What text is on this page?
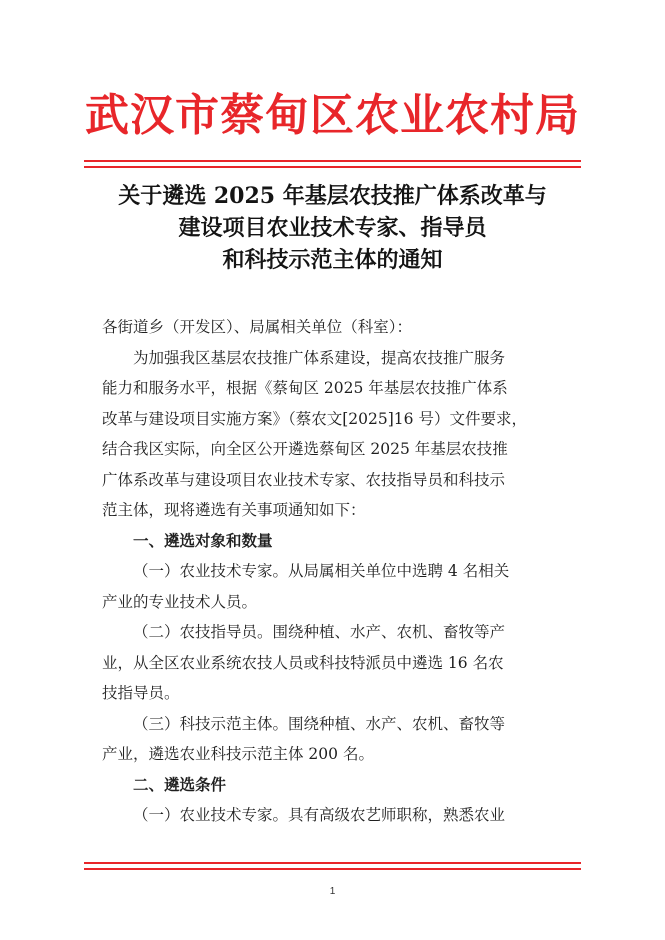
武汉市蔡甸区农业农村局
关于遴选 2025 年基层农技推广体系改革与
建设项目农业技术专家、指导员
和科技示范主体的通知
各街道乡（开发区）、局属相关单位（科室）：
为加强我区基层农技推广体系建设，提高农技推广服务
能力和服务水平，根据《蔡甸区 2025 年基层农技推广体系
改革与建设项目实施方案》（蔡农文[2025]16 号）文件要求，
结合我区实际，向全区公开遴选蔡甸区 2025 年基层农技推
广体系改革与建设项目农业技术专家、农技指导员和科技示
范主体，现将遴选有关事项通知如下：
一、遴选对象和数量
（一）农业技术专家。从局属相关单位中选聘 4 名相关
产业的专业技术人员。
（二）农技指导员。围绕种植、水产、农机、畜牧等产
业，从全区农业系统农技人员或科技特派员中遴选 16 名农
技指导员。
（三）科技示范主体。围绕种植、水产、农机、畜牧等
产业，遴选农业科技示范主体 200 名。
二、遴选条件
（一）农业技术专家。具有高级农艺师职称，熟悉农业
1
